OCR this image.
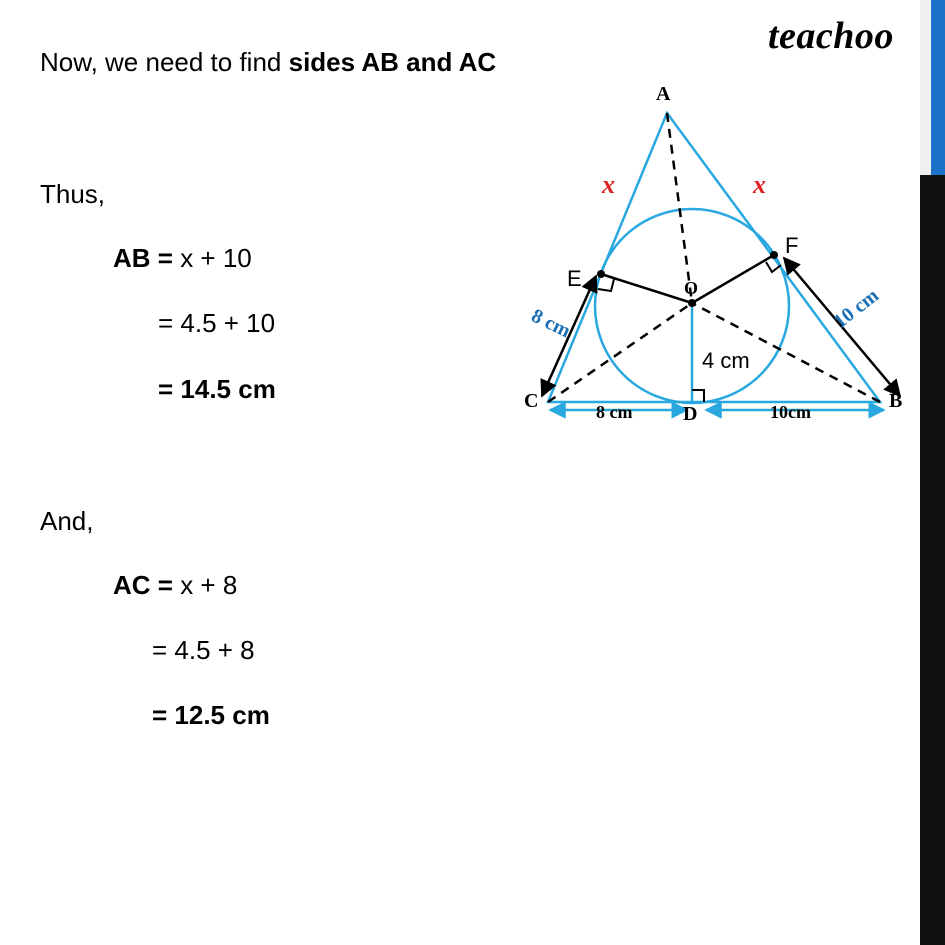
teachoo
Now, we need to find sides AB and AC
Thus,
AB = x + 10
= 4.5 + 10
= 14.5 cm
And,
AC = x + 8
= 4.5 + 8
= 12.5 cm
A
B
C
D
O
E
F
x	x
4 cm
8 cm	10 cm
8 cm	10cm
